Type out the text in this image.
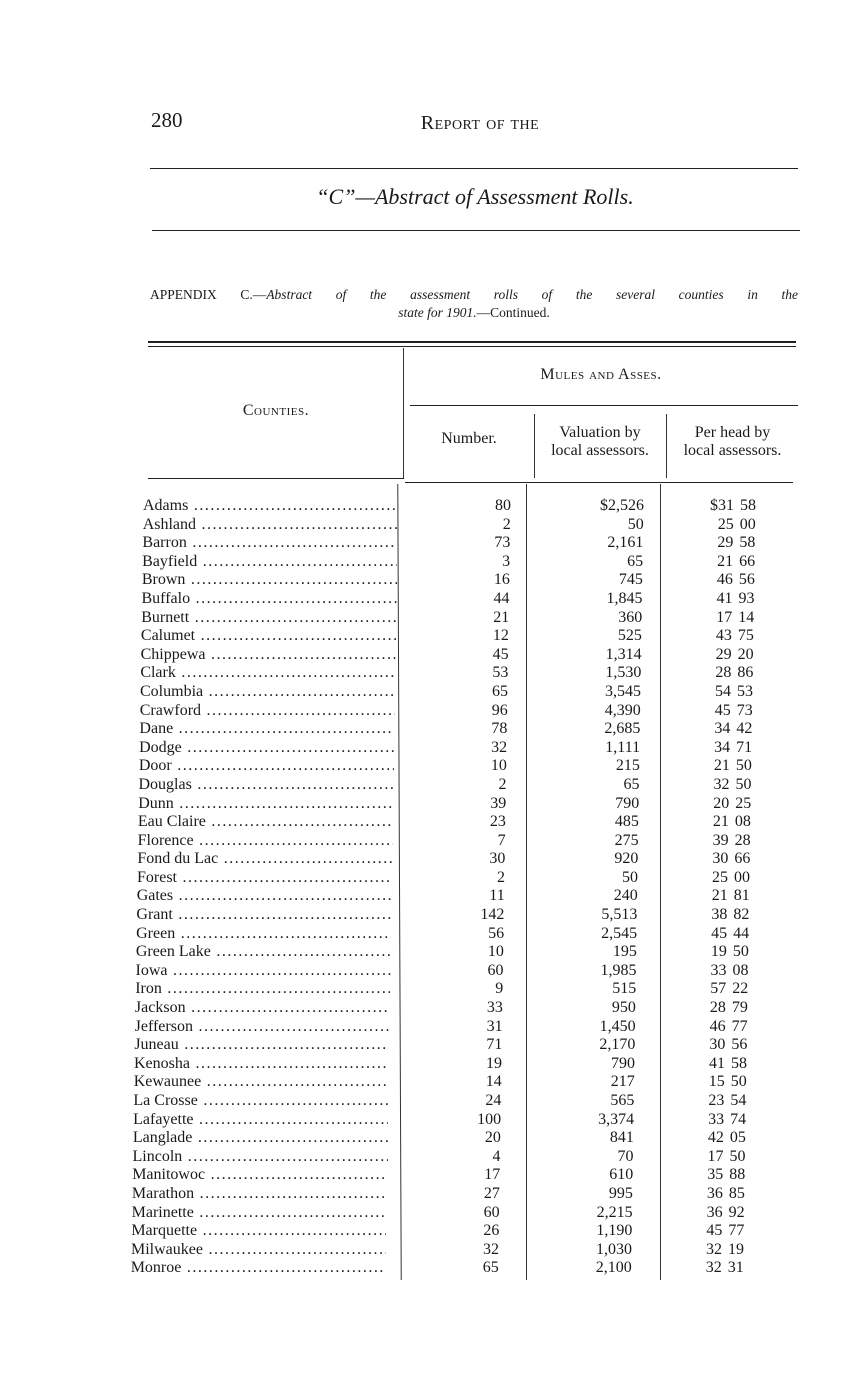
280	Report of the
“C”—Abstract of Assessment Rolls.
APPENDIX C.—Abstract of the assessment rolls of the several counties in the
state for 1901.—Continued.
Counties.
Mules and Asses.
Number.	Valuation by
local assessors.
Per head by
local assessors.
Adams .....	80	$2,526	$31 58
Ashland .....	2	50	25 00
Barron .....	73	2,161	29 58
Bayfield .....	3	65	21 66
Brown .....	16	745	46 56
Buffalo .....	44	1,845	41 93
Burnett .....	21	360	17 14
Calumet .....	12	525	43 75
Chippewa .....	45	1,314	29 20
Clark .....	53	1,530	28 86
Columbia .....	65	3,545	54 53
Crawford .....	96	4,390	45 73
Dane .....	78	2,685	34 42
Dodge .....	32	1,111	34 71
Door .....	10	215	21 50
Douglas .....	2	65	32 50
Dunn .....	39	790	20 25
Eau Claire .....	23	485	21 08
Florence .....	7	275	39 28
Fond du Lac .....	30	920	30 66
Forest .....	2	50	25 00
Gates .....	11	240	21 81
Grant .....	142	5,513	38 82
Green .....	56	2,545	45 44
Green Lake .....	10	195	19 50
Iowa .....	60	1,985	33 08
Iron .....	9	515	57 22
Jackson .....	33	950	28 79
Jefferson .....	31	1,450	46 77
Juneau .....	71	2,170	30 56
Kenosha .....	19	790	41 58
Kewaunee .....	14	217	15 50
La Crosse .....	24	565	23 54
Lafayette .....	100	3,374	33 74
Langlade .....	20	841	42 05
Lincoln .....	4	70	17 50
Manitowoc .....	17	610	35 88
Marathon .....	27	995	36 85
Marinette .....	60	2,215	36 92
Marquette .....	26	1,190	45 77
Milwaukee .....	32	1,030	32 19
Monroe .....	65	2,100	32 31
